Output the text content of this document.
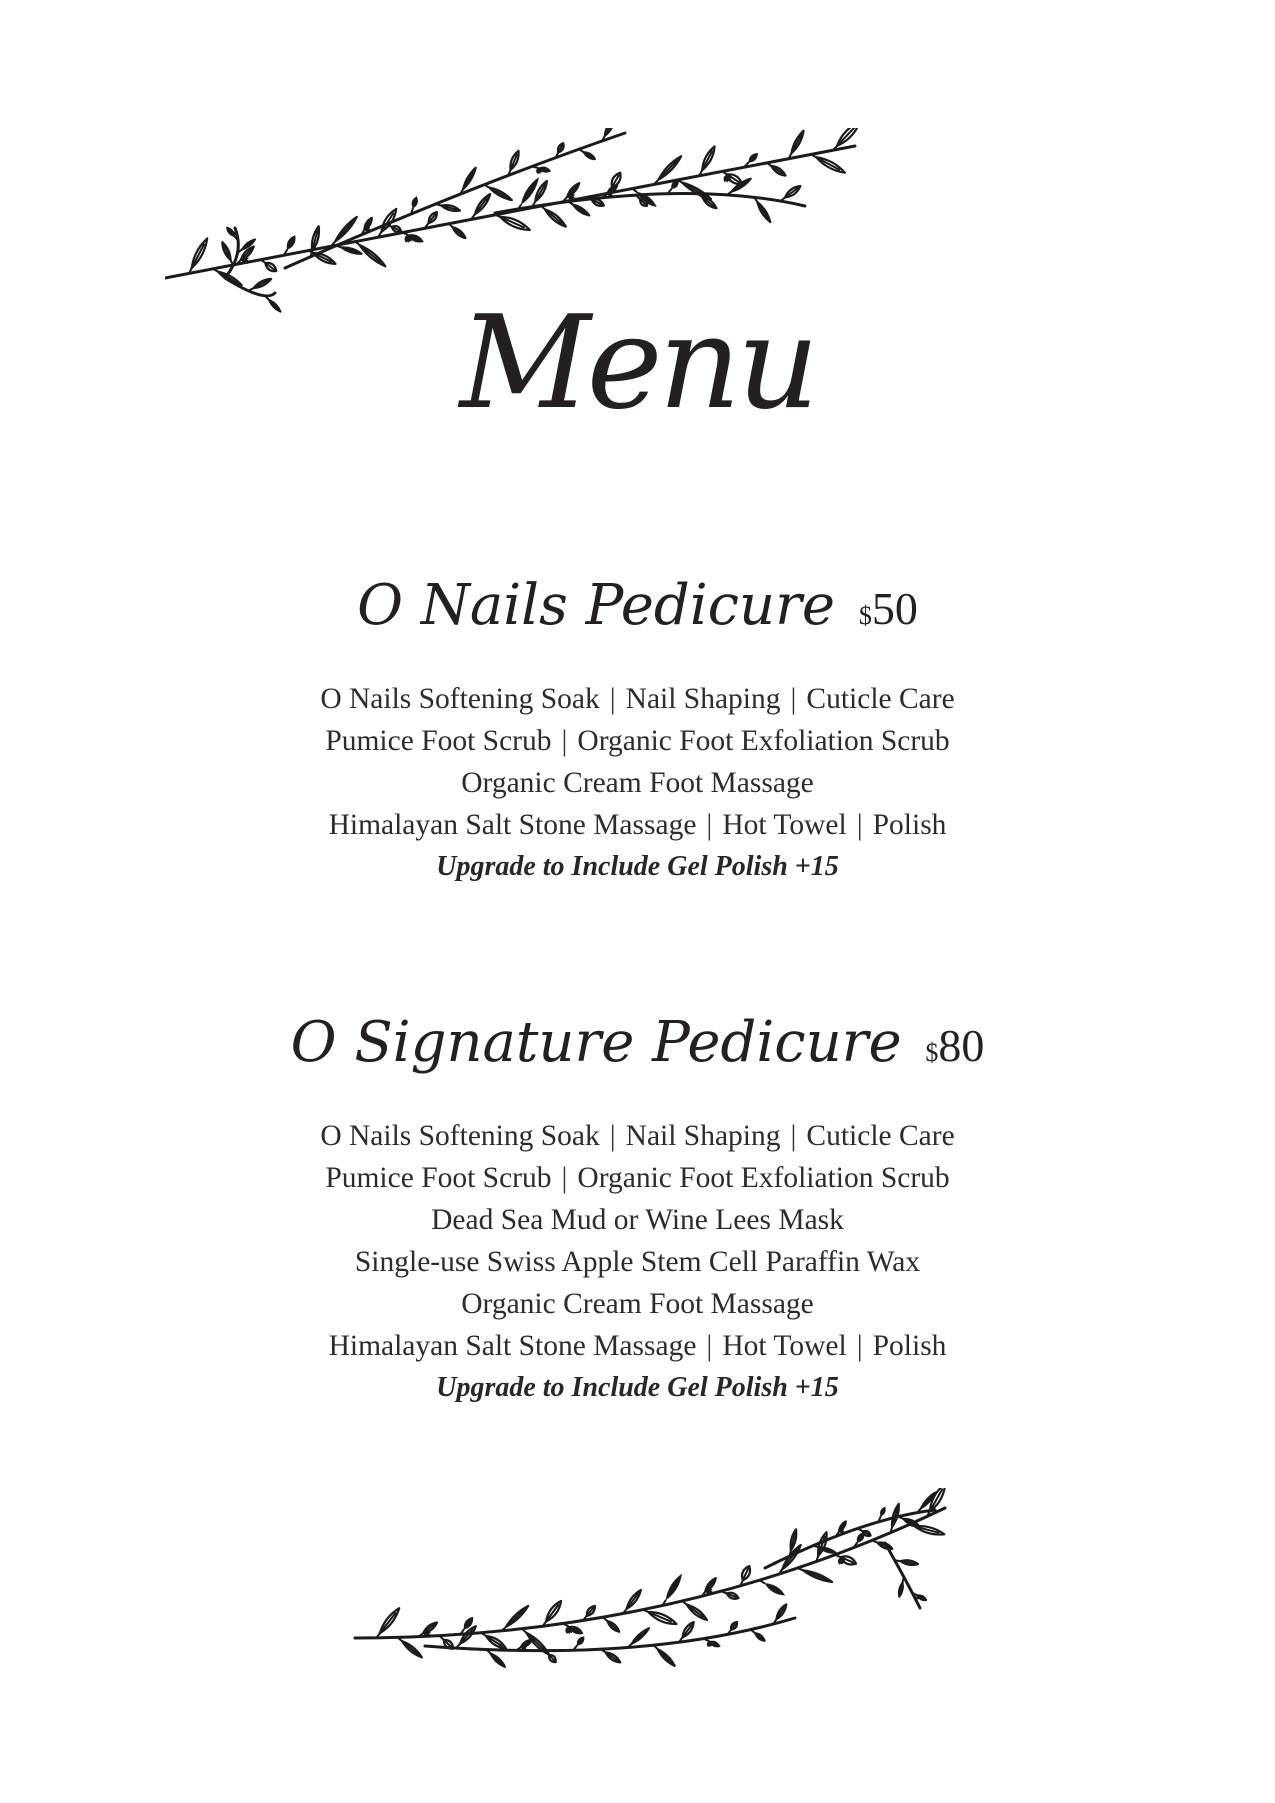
Menu
O Nails Pedicure $50
O Nails Softening Soak | Nail Shaping | Cuticle Care
Pumice Foot Scrub | Organic Foot Exfoliation Scrub
Organic Cream Foot Massage
Himalayan Salt Stone Massage | Hot Towel | Polish
Upgrade to Include Gel Polish +15
O Signature Pedicure $80
O Nails Softening Soak | Nail Shaping | Cuticle Care
Pumice Foot Scrub | Organic Foot Exfoliation Scrub
Dead Sea Mud or Wine Lees Mask
Single-use Swiss Apple Stem Cell Paraffin Wax
Organic Cream Foot Massage
Himalayan Salt Stone Massage | Hot Towel | Polish
Upgrade to Include Gel Polish +15
